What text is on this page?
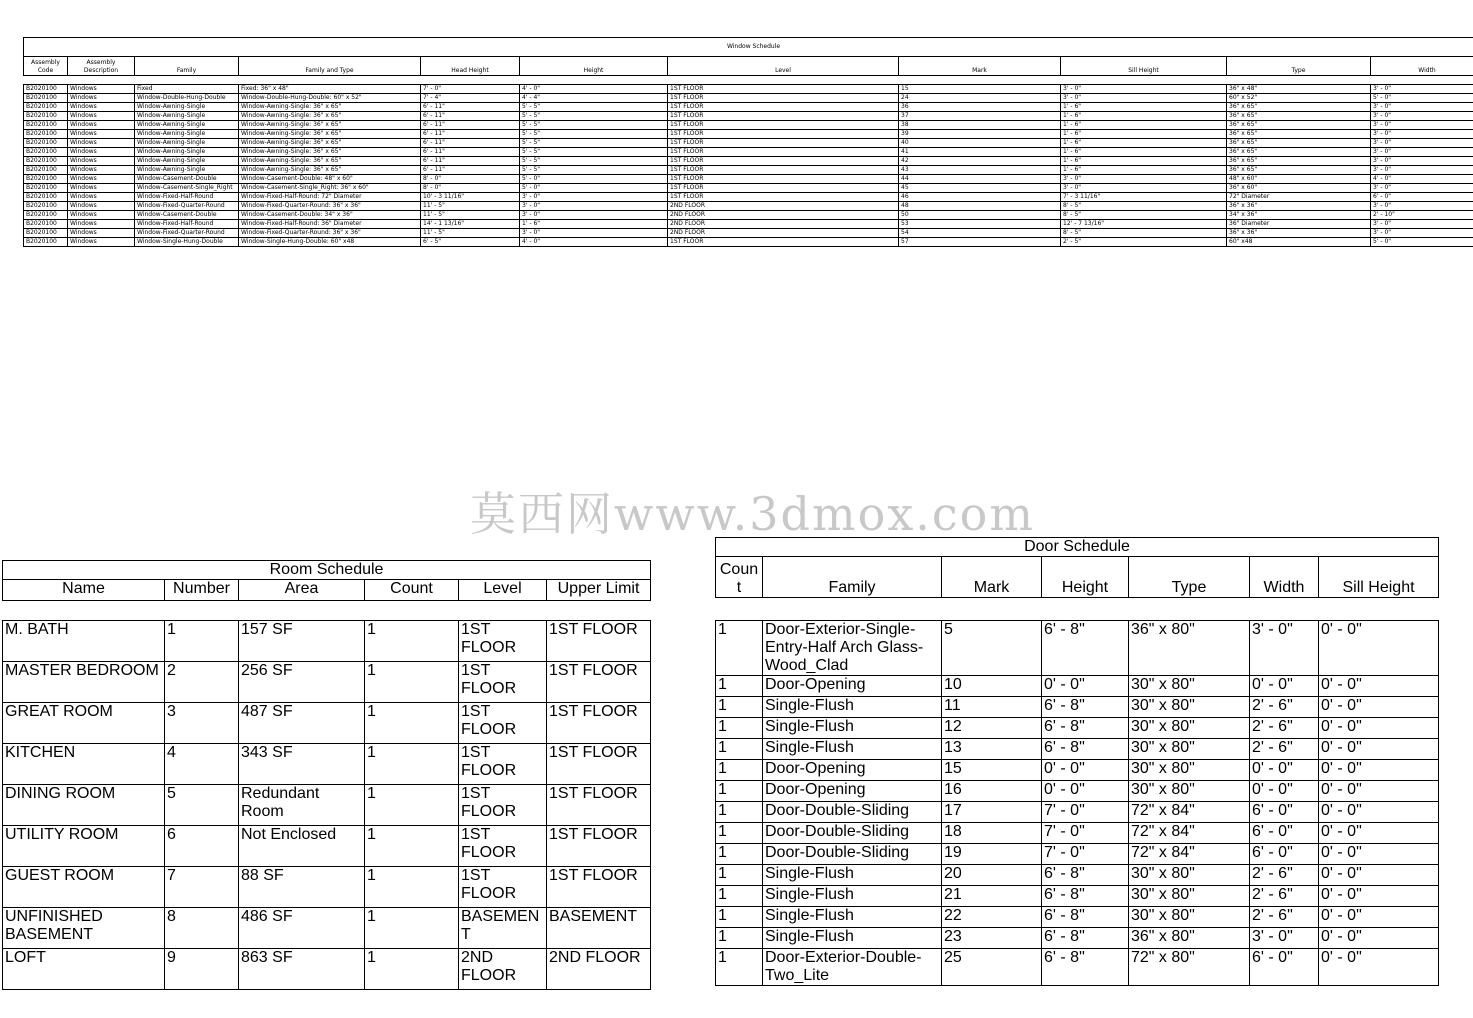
Window Schedule										
Assembly Code	Assembly Description	Family	Family and Type	Head Height	Height	Level	Mark	Sill Height	Type	Width

B2020100	Windows	Fixed	Fixed: 36" x 48"	7' - 0"	4' - 0"	1ST FLOOR	15	3' - 0"	36" x 48"	3' - 0"
B2020100	Windows	Window-Double-Hung-Double	Window-Double-Hung-Double: 60" x 52"	7' - 4"	4' - 4"	1ST FLOOR	24	3' - 0"	60" x 52"	5' - 0"
B2020100	Windows	Window-Awning-Single	Window-Awning-Single: 36" x 65"	6' - 11"	5' - 5"	1ST FLOOR	36	1' - 6"	36" x 65"	3' - 0"
B2020100	Windows	Window-Awning-Single	Window-Awning-Single: 36" x 65"	6' - 11"	5' - 5"	1ST FLOOR	37	1' - 6"	36" x 65"	3' - 0"
B2020100	Windows	Window-Awning-Single	Window-Awning-Single: 36" x 65"	6' - 11"	5' - 5"	1ST FLOOR	38	1' - 6"	36" x 65"	3' - 0"
B2020100	Windows	Window-Awning-Single	Window-Awning-Single: 36" x 65"	6' - 11"	5' - 5"	1ST FLOOR	39	1' - 6"	36" x 65"	3' - 0"
B2020100	Windows	Window-Awning-Single	Window-Awning-Single: 36" x 65"	6' - 11"	5' - 5"	1ST FLOOR	40	1' - 6"	36" x 65"	3' - 0"
B2020100	Windows	Window-Awning-Single	Window-Awning-Single: 36" x 65"	6' - 11"	5' - 5"	1ST FLOOR	41	1' - 6"	36" x 65"	3' - 0"
B2020100	Windows	Window-Awning-Single	Window-Awning-Single: 36" x 65"	6' - 11"	5' - 5"	1ST FLOOR	42	1' - 6"	36" x 65"	3' - 0"
B2020100	Windows	Window-Awning-Single	Window-Awning-Single: 36" x 65"	6' - 11"	5' - 5"	1ST FLOOR	43	1' - 6"	36" x 65"	3' - 0"
B2020100	Windows	Window-Casement-Double	Window-Casement-Double: 48" x 60"	8' - 0"	5' - 0"	1ST FLOOR	44	3' - 0"	48" x 60"	4' - 0"
B2020100	Windows	Window-Casement-Single_Right	Window-Casement-Single_Right: 36" x 60"	8' - 0"	5' - 0"	1ST FLOOR	45	3' - 0"	36" x 60"	3' - 0"
B2020100	Windows	Window-Fixed-Half-Round	Window-Fixed-Half-Round: 72" Diameter	10' - 3 11/16"	3' - 0"	1ST FLOOR	46	7' - 3 11/16"	72" Diameter	6' - 0"
B2020100	Windows	Window-Fixed-Quarter-Round	Window-Fixed-Quarter-Round: 36" x 36"	11' - 5"	3' - 0"	2ND FLOOR	48	8' - 5"	36" x 36"	3' - 0"
B2020100	Windows	Window-Casement-Double	Window-Casement-Double: 34" x 36"	11' - 5"	3' - 0"	2ND FLOOR	50	8' - 5"	34" x 36"	2' - 10"
B2020100	Windows	Window-Fixed-Half-Round	Window-Fixed-Half-Round: 36" Diameter	14' - 1 13/16"	1' - 6"	2ND FLOOR	53	12' - 7 13/16"	36" Diameter	3' - 0"
B2020100	Windows	Window-Fixed-Quarter-Round	Window-Fixed-Quarter-Round: 36" x 36"	11' - 5"	3' - 0"	2ND FLOOR	54	8' - 5"	36" x 36"	3' - 0"
B2020100	Windows	Window-Single-Hung-Double	Window-Single-Hung-Double: 60" x48	6' - 5"	4' - 0"	1ST FLOOR	57	2' - 5"	60" x48	5' - 0"
莫西网www.3dmox.com
Room Schedule					
Name	Number	Area	Count	Level	Upper Limit

M. BATH	1	157 SF	1	1ST FLOOR	1ST FLOOR
MASTER BEDROOM	2	256 SF	1	1ST FLOOR	1ST FLOOR
GREAT ROOM	3	487 SF	1	1ST FLOOR	1ST FLOOR
KITCHEN	4	343 SF	1	1ST FLOOR	1ST FLOOR
DINING ROOM	5	Redundant Room	1	1ST FLOOR	1ST FLOOR
UTILITY ROOM	6	Not Enclosed	1	1ST FLOOR	1ST FLOOR
GUEST ROOM	7	88 SF	1	1ST FLOOR	1ST FLOOR
UNFINISHED BASEMENT	8	486 SF	1	BASEMENT	BASEMENT
LOFT	9	863 SF	1	2ND FLOOR	2ND FLOOR
Door Schedule						
Count	Family	Mark	Height	Type	Width	Sill Height

1	Door-Exterior-Single-Entry-Half Arch Glass-Wood_Clad	5	6' - 8"	36" x 80"	3' - 0"	0' - 0"
1	Door-Opening	10	0' - 0"	30" x 80"	0' - 0"	0' - 0"
1	Single-Flush	11	6' - 8"	30" x 80"	2' - 6"	0' - 0"
1	Single-Flush	12	6' - 8"	30" x 80"	2' - 6"	0' - 0"
1	Single-Flush	13	6' - 8"	30" x 80"	2' - 6"	0' - 0"
1	Door-Opening	15	0' - 0"	30" x 80"	0' - 0"	0' - 0"
1	Door-Opening	16	0' - 0"	30" x 80"	0' - 0"	0' - 0"
1	Door-Double-Sliding	17	7' - 0"	72" x 84"	6' - 0"	0' - 0"
1	Door-Double-Sliding	18	7' - 0"	72" x 84"	6' - 0"	0' - 0"
1	Door-Double-Sliding	19	7' - 0"	72" x 84"	6' - 0"	0' - 0"
1	Single-Flush	20	6' - 8"	30" x 80"	2' - 6"	0' - 0"
1	Single-Flush	21	6' - 8"	30" x 80"	2' - 6"	0' - 0"
1	Single-Flush	22	6' - 8"	30" x 80"	2' - 6"	0' - 0"
1	Single-Flush	23	6' - 8"	36" x 80"	3' - 0"	0' - 0"
1	Door-Exterior-Double-Two_Lite	25	6' - 8"	72" x 80"	6' - 0"	0' - 0"
